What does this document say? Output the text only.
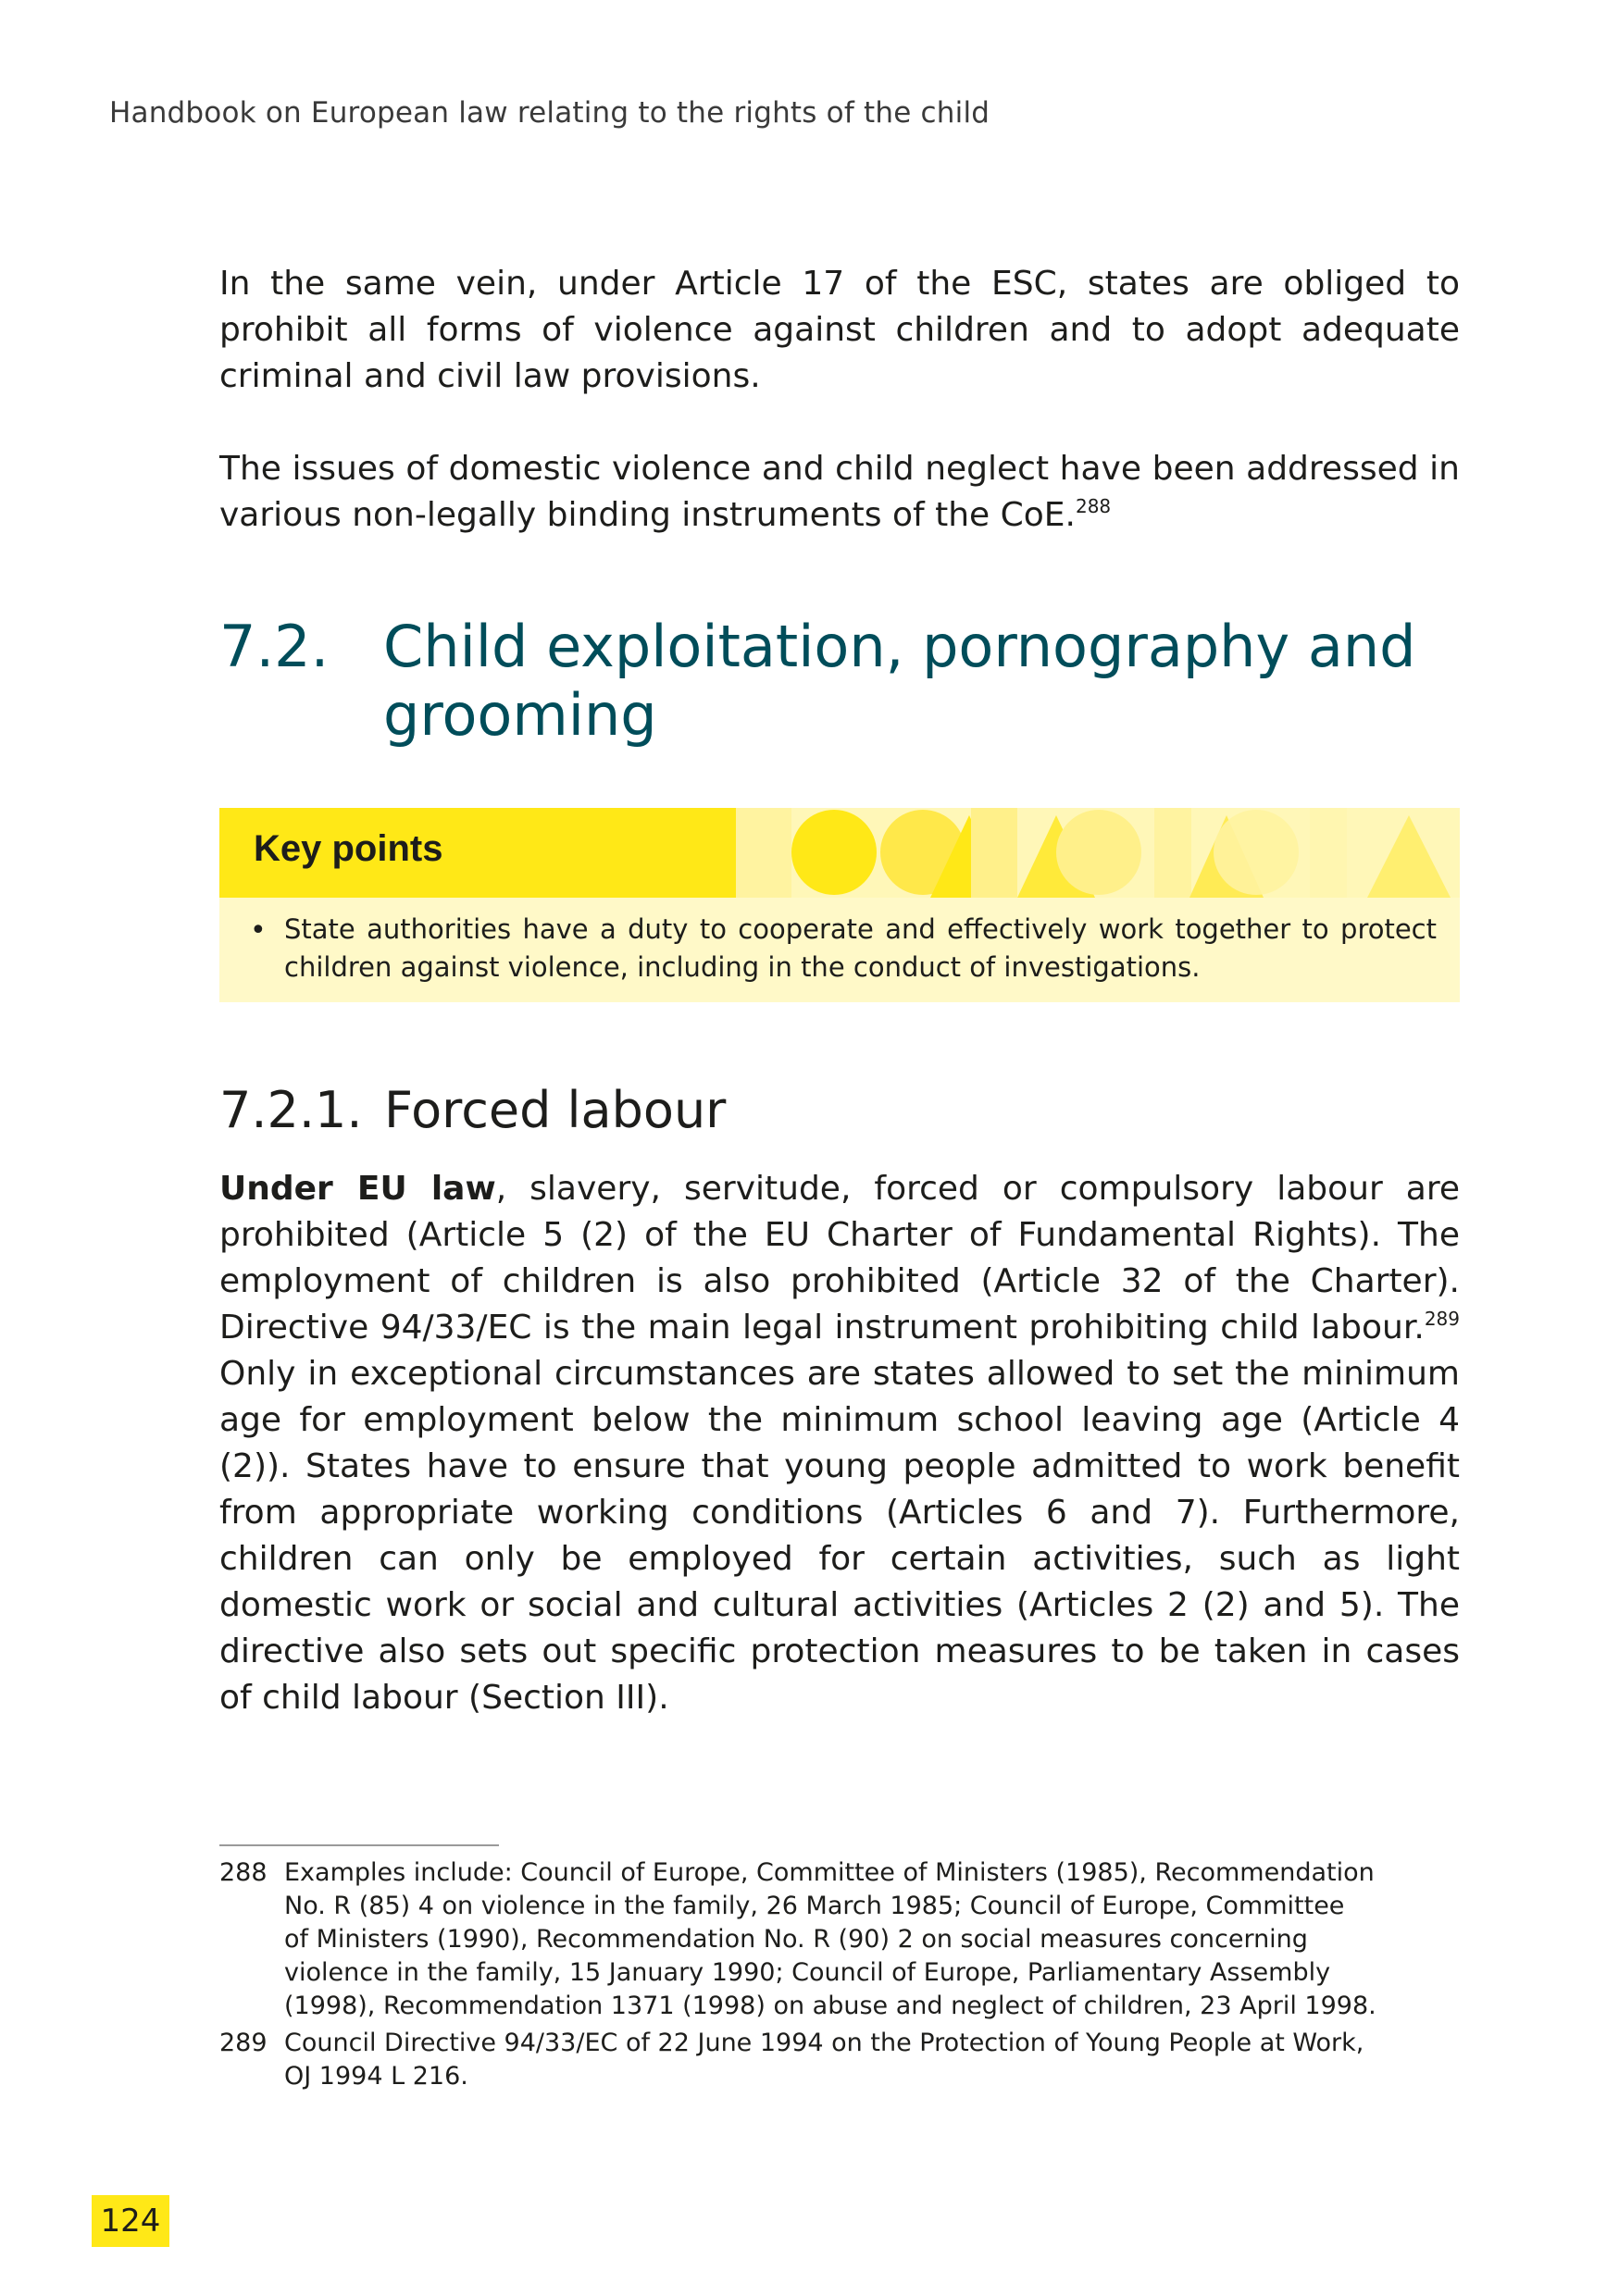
Handbook on European law relating to the rights of the child

In the same vein, under Article 17 of the ESC, states are obliged to prohibit all forms of violence against children and to adopt adequate criminal and civil law provisions.

The issues of domestic violence and child neglect have been addressed in various non-legally binding instruments of the CoE.$^{288}$

7.2. Child exploitation, pornography and grooming
Key points
• State authorities have a duty to cooperate and effectively work together to protect children against violence, including in the conduct of investigations.
7.2.1. Forced labour

Under EU law, slavery, servitude, forced or compulsory labour are prohibited (Article 5 (2) of the EU Charter of Fundamental Rights). The employment of children is also prohibited (Article 32 of the Charter). Directive 94/33/EC is the main legal instrument prohibiting child labour.$^{289}$ Only in exceptional circumstances are states allowed to set the minimum age for employment below the minimum school leaving age (Article 4 (2)). States have to ensure that young people admitted to work benefit from appropriate working conditions (Articles 6 and 7). Furthermore, children can only be employed for certain activities, such as light domestic work or social and cultural activities (Articles 2 (2) and 5). The directive also sets out specific protection measures to be taken in cases of child labour (Section III).

288 Examples include: Council of Europe, Committee of Ministers (1985), Recommendation No. R (85) 4 on violence in the family, 26 March 1985; Council of Europe, Committee of Ministers (1990), Recommendation No. R (90) 2 on social measures concerning violence in the family, 15 January 1990; Council of Europe, Parliamentary Assembly (1998), Recommendation 1371 (1998) on abuse and neglect of children, 23 April 1998.
289 Council Directive 94/33/EC of 22 June 1994 on the Protection of Young People at Work, OJ 1994 L 216.
124
